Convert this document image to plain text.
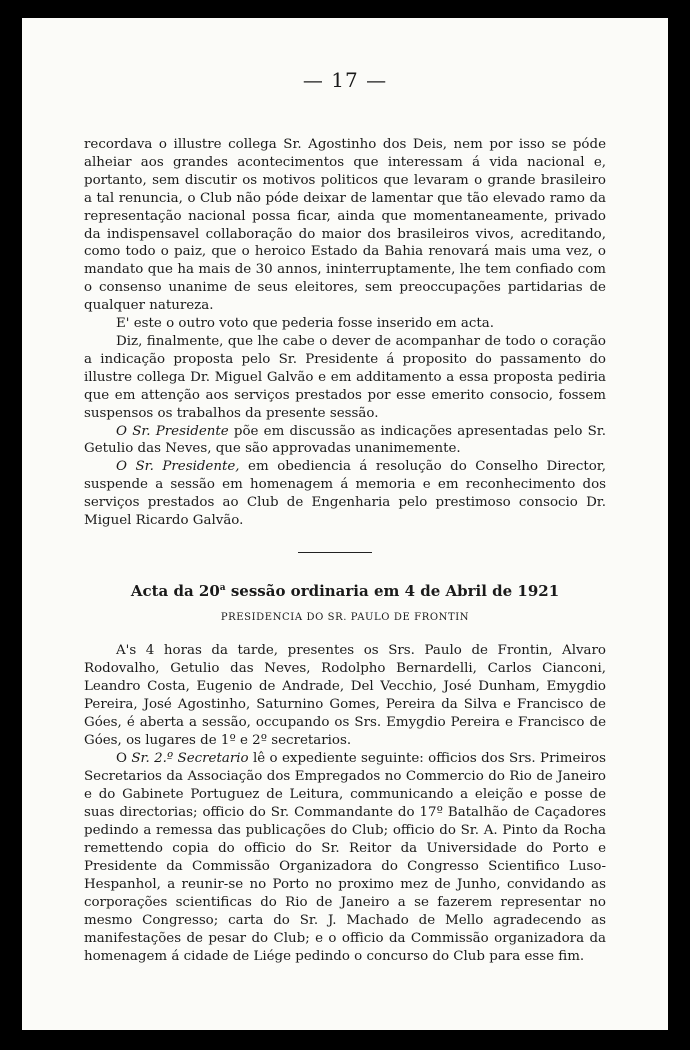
— 17 —

recordava o illustre collega Sr. Agostinho dos Deis, nem por isso se póde alheiar aos grandes acontecimentos que interessam á vida nacional e, portanto, sem discutir os motivos politicos que levaram o grande brasileiro a tal renuncia, o Club não póde deixar de lamentar que tão elevado ramo da representação nacional possa ficar, ainda que momentaneamente, privado da indispensavel collaboração do maior dos brasileiros vivos, acreditando, como todo o paiz, que o heroico Estado da Bahia renovará mais uma vez, o mandato que ha mais de 30 annos, ininterruptamente, lhe tem confiado com o consenso unanime de seus eleitores, sem preoccupações partidarias de qualquer natureza.

E' este o outro voto que pederia fosse inserido em acta.

Diz, finalmente, que lhe cabe o dever de acompanhar de todo o coração a indicação proposta pelo Sr. Presidente á proposito do passamento do illustre collega Dr. Miguel Galvão e em additamento a essa proposta pediria que em attenção aos serviços prestados por esse emerito consocio, fossem suspensos os trabalhos da presente sessão.

O Sr. Presidente põe em discussão as indicações apresentadas pelo Sr. Getulio das Neves, que são approvadas unanimemente.

O Sr. Presidente, em obediencia á resolução do Conselho Director, suspende a sessão em homenagem á memoria e em reconhecimento dos serviços prestados ao Club de Engenharia pelo prestimoso consocio Dr. Miguel Ricardo Galvão.

Acta da 20$^a$ sessão ordinaria em 4 de Abril de 1921
PRESIDENCIA DO SR. PAULO DE FRONTIN

A's 4 horas da tarde, presentes os Srs. Paulo de Frontin, Alvaro Rodovalho, Getulio das Neves, Rodolpho Bernardelli, Carlos Cianconi, Leandro Costa, Eugenio de Andrade, Del Vecchio, José Dunham, Emygdio Pereira, José Agostinho, Saturnino Gomes, Pereira da Silva e Francisco de Góes, é aberta a sessão, occupando os Srs. Emygdio Pereira e Francisco de Góes, os lugares de 1º e 2º secretarios.

O Sr. 2.º Secretario lê o expediente seguinte: officios dos Srs. Primeiros Secretarios da Associação dos Empregados no Commercio do Rio de Janeiro e do Gabinete Portuguez de Leitura, communicando a eleição e posse de suas directorias; officio do Sr. Commandante do 17º Batalhão de Caçadores pedindo a remessa das publicações do Club; officio do Sr. A. Pinto da Rocha remettendo copia do officio do Sr. Reitor da Universidade do Porto e Presidente da Commissão Organizadora do Congresso Scientifico Luso-Hespanhol, a reunir-se no Porto no proximo mez de Junho, convidando as corporações scientificas do Rio de Janeiro a se fazerem representar no mesmo Congresso; carta do Sr. J. Machado de Mello agradecendo as manifestações de pesar do Club; e o officio da Commissão organizadora da homenagem á cidade de Liége pedindo o concurso do Club para esse fim.
